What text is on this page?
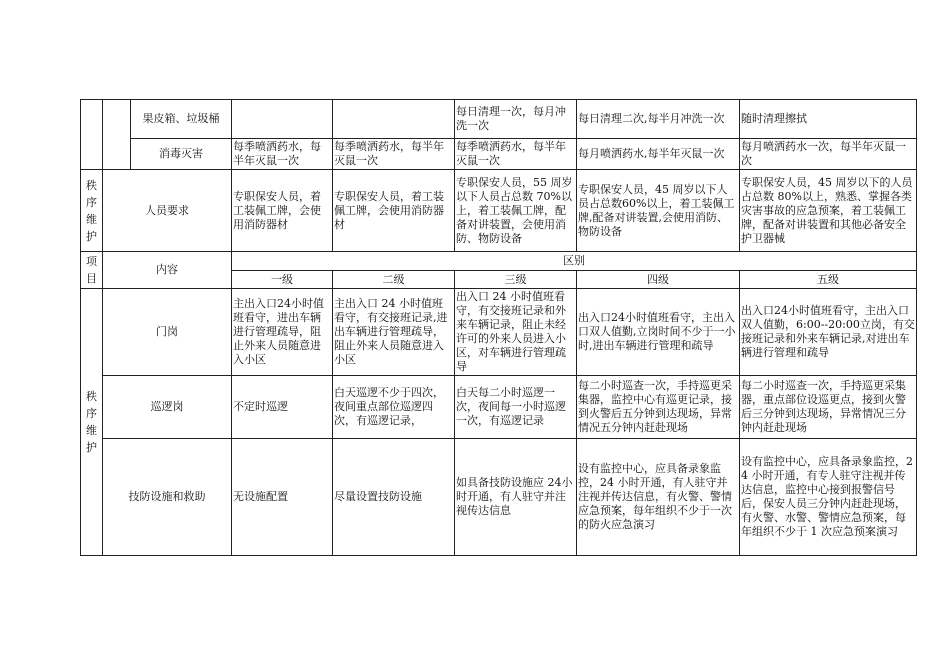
		果皮箱、垃圾桶			每日清理一次，每月冲洗一次	每日清理二次,每半月冲洗一次	随时清理擦拭
		消毒灭害	每季喷洒药水，每半年灭鼠一次	每季喷洒药水，每半年灭鼠一次	每季喷洒药水，每半年灭鼠一次	每月喷洒药水,每半年灭鼠一次	每月喷洒药水一次，每半年灭鼠一次
秩序维护	人员要求		专职保安人员，着工装佩工牌，会使用消防器材	专职保安人员，着工装佩工牌，会使用消防器材	专职保安人员，55 周岁以下人员占总数 70%以上，着工装佩工牌，配备对讲装置，会使用消防、物防设备	专职保安人员，45 周岁以下人员占总数60%以上，着工装佩工牌,配备对讲装置,会使用消防、物防设备	专职保安人员，45 周岁以下的人员占总数 80%以上，熟悉、掌握各类灾害事故的应急预案，着工装佩工牌，配备对讲装置和其他必备安全护卫器械
项目	内容		区别				
			一级	二级	三级	四级	五级
秩序维护	门岗		主出入口24小时值班看守，进出车辆进行管理疏导，阻止外来人员随意进入小区	主出入口 24 小时值班看守，有交接班记录,进出车辆进行管理疏导，阻止外来人员随意进入小区	出入口 24 小时值班看守，有交接班记录和外来车辆记录，阻止未经许可的外来人员进入小区，对车辆进行管理疏导	出入口24小时值班看守，主出入口双人值勤,立岗时间不少于一小时,进出车辆进行管理和疏导	出入口24小时值班看守，主出入口双人值勤，6:00--20:00立岗，有交接班记录和外来车辆记录,对进出车辆进行管理和疏导
	巡逻岗		不定时巡逻	白天巡逻不少于四次，夜间重点部位巡逻四次，有巡逻记录，	白天每二小时巡逻一次，夜间每一小时巡逻一次，有巡逻记录	每二小时巡查一次，手持巡更采集器，监控中心有巡更记录，接到火警后五分钟到达现场，异常情况五分钟内赶赴现场	每二小时巡查一次，手持巡更采集器，重点部位设巡更点，接到火警后三分钟到达现场，异常情况三分钟内赶赴现场
	技防设施和救助		无设施配置	尽量设置技防设施	如具备技防设施应 24小时开通，有人驻守并注视传达信息	设有监控中心，应具备录象监控，24 小时开通，有人驻守并注视并传达信息，有火警、警情应急预案，每年组织不少于一次的防火应急演习	设有监控中心，应具备录象监控，24 小时开通，有专人驻守注视并传达信息，监控中心接到报警信号后，保安人员三分钟内赶赴现场，有火警、水警、警情应急预案，每年组织不少于 1 次应急预案演习
